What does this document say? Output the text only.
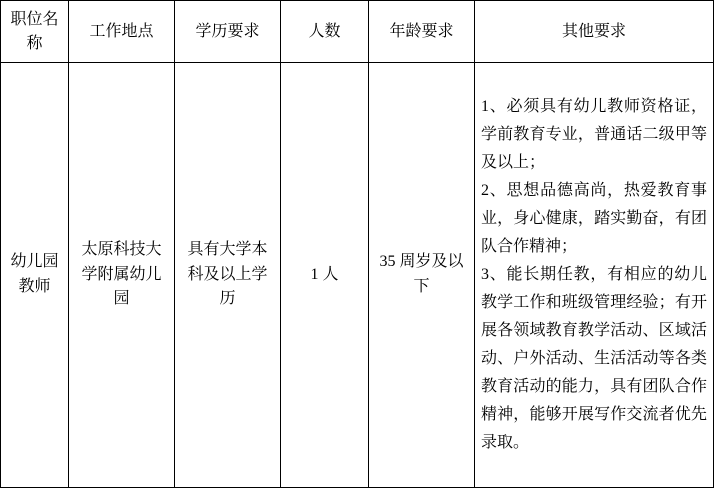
职位名称	工作地点	学历要求	人数	年龄要求	其他要求
幼儿园教师	太原科技大学附属幼儿园	具有大学本科及以上学历	1 人	35 周岁及以下	1、必须具有幼儿教师资格证，学前教育专业，普通话二级甲等及以上；

2、思想品德高尚，热爱教育事业，身心健康，踏实勤奋，有团队合作精神；

3、能长期任教，有相应的幼儿教学工作和班级管理经验；有开展各领域教育教学活动、区域活动、户外活动、生活活动等各类教育活动的能力，具有团队合作精神，能够开展写作交流者优先录取。
